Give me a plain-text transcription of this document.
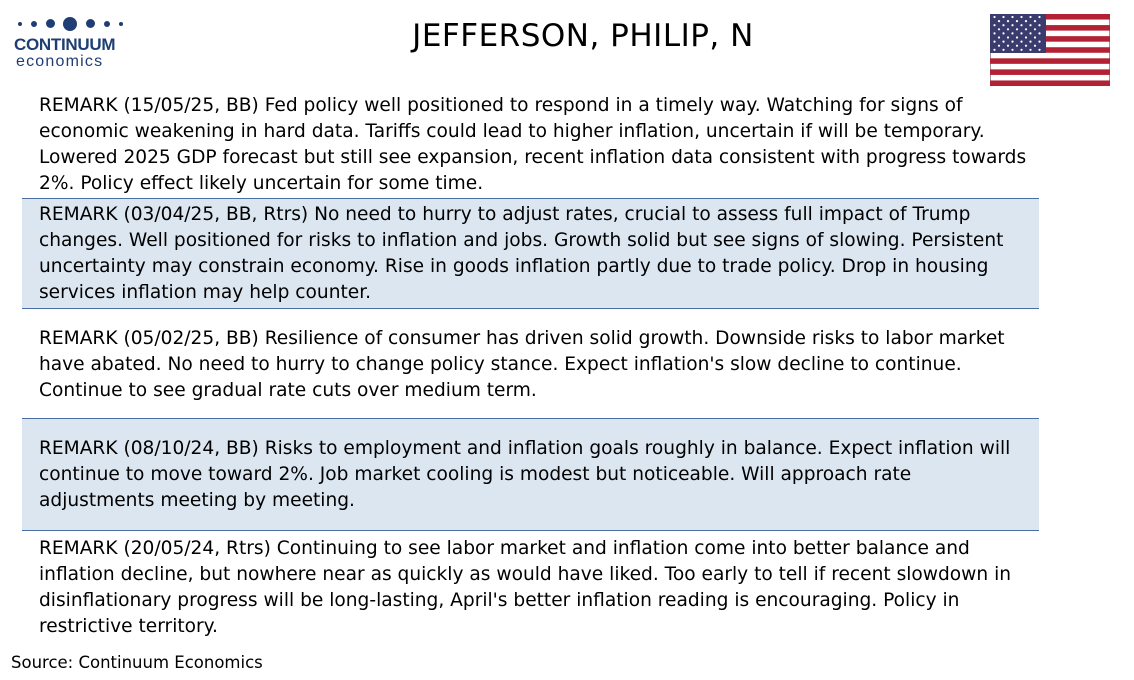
CONTINUUM
economics
JEFFERSON, PHILIP, N
REMARK (15/05/25, BB) Fed policy well positioned to respond in a timely way. Watching for signs of economic weakening in hard data. Tariffs could lead to higher inflation, uncertain if will be temporary. Lowered 2025 GDP forecast but still see expansion, recent inflation data consistent with progress towards 2%. Policy effect likely uncertain for some time.
REMARK (03/04/25, BB, Rtrs) No need to hurry to adjust rates, crucial to assess full impact of Trump changes. Well positioned for risks to inflation and jobs. Growth solid but see signs of slowing. Persistent uncertainty may constrain economy. Rise in goods inflation partly due to trade policy. Drop in housing services inflation may help counter.
REMARK (05/02/25, BB) Resilience of consumer has driven solid growth. Downside risks to labor market have abated. No need to hurry to change policy stance. Expect inflation's slow decline to continue. Continue to see gradual rate cuts over medium term.
REMARK (08/10/24, BB) Risks to employment and inflation goals roughly in balance. Expect inflation will continue to move toward 2%. Job market cooling is modest but noticeable. Will approach rate adjustments meeting by meeting.
REMARK (20/05/24, Rtrs) Continuing to see labor market and inflation come into better balance and inflation decline, but nowhere near as quickly as would have liked. Too early to tell if recent slowdown in disinflationary progress will be long-lasting, April's better inflation reading is encouraging. Policy in restrictive territory.
Source: Continuum Economics
